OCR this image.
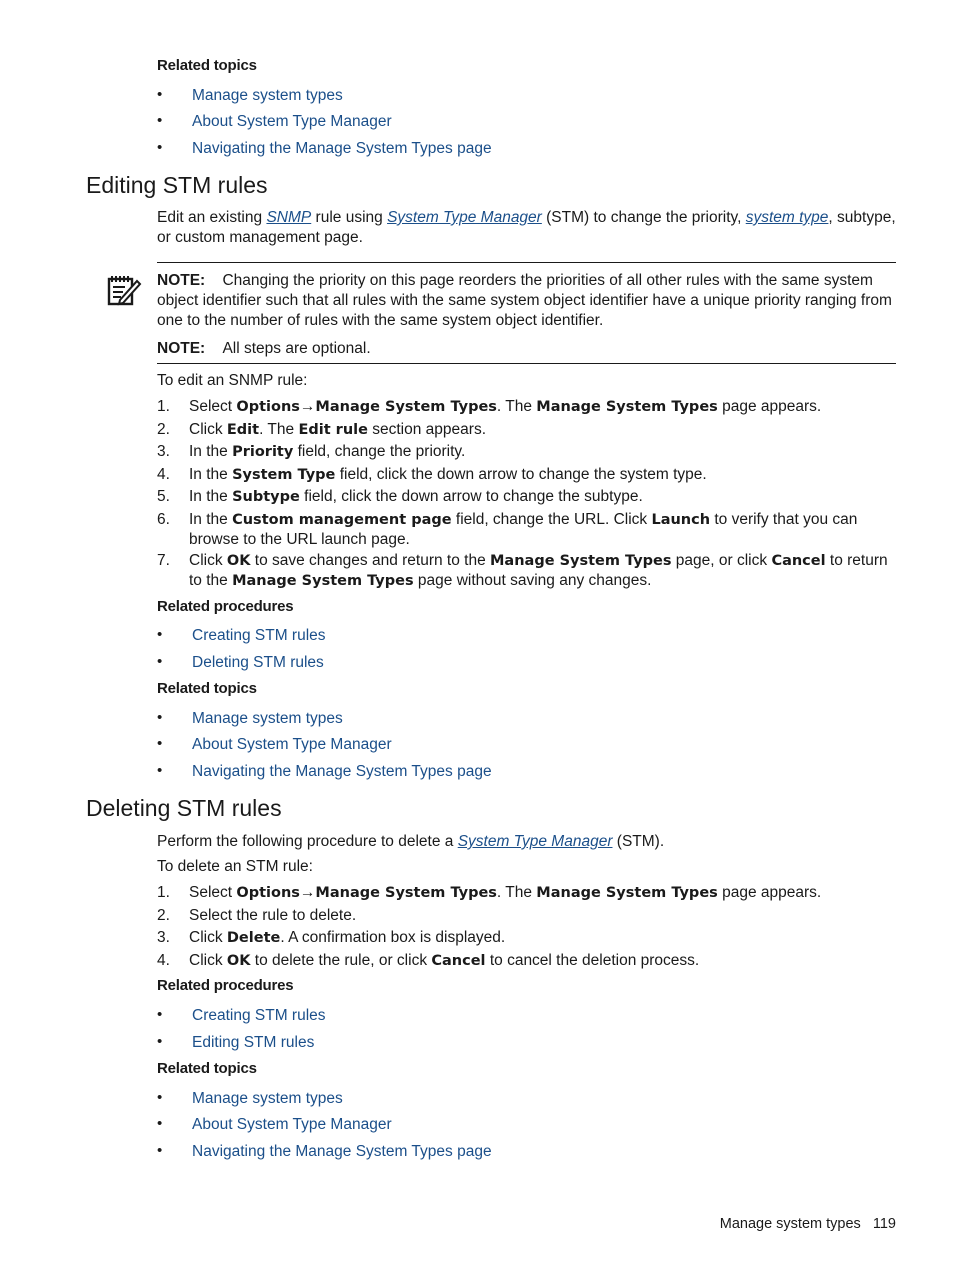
Related topics
• Manage system types
• About System Type Manager
• Navigating the Manage System Types page
Editing STM rules
Edit an existing SNMP rule using System Type Manager (STM) to change the priority, system type, subtype, or custom management page.
NOTE: Changing the priority on this page reorders the priorities of all other rules with the same system object identifier such that all rules with the same system object identifier have a unique priority ranging from one to the number of rules with the same system object identifier.
NOTE: All steps are optional.
To edit an SNMP rule:
1. Select Options→Manage System Types. The Manage System Types page appears.
2. Click Edit. The Edit rule section appears.
3. In the Priority field, change the priority.
4. In the System Type field, click the down arrow to change the system type.
5. In the Subtype field, click the down arrow to change the subtype.
6. In the Custom management page field, change the URL. Click Launch to verify that you can browse to the URL launch page.
7. Click OK to save changes and return to the Manage System Types page, or click Cancel to return to the Manage System Types page without saving any changes.
Related procedures
• Creating STM rules
• Deleting STM rules
Related topics
• Manage system types
• About System Type Manager
• Navigating the Manage System Types page
Deleting STM rules
Perform the following procedure to delete a System Type Manager (STM).
To delete an STM rule:
1. Select Options→Manage System Types. The Manage System Types page appears.
2. Select the rule to delete.
3. Click Delete. A confirmation box is displayed.
4. Click OK to delete the rule, or click Cancel to cancel the deletion process.
Related procedures
• Creating STM rules
• Editing STM rules
Related topics
• Manage system types
• About System Type Manager
• Navigating the Manage System Types page
Manage system types 119
